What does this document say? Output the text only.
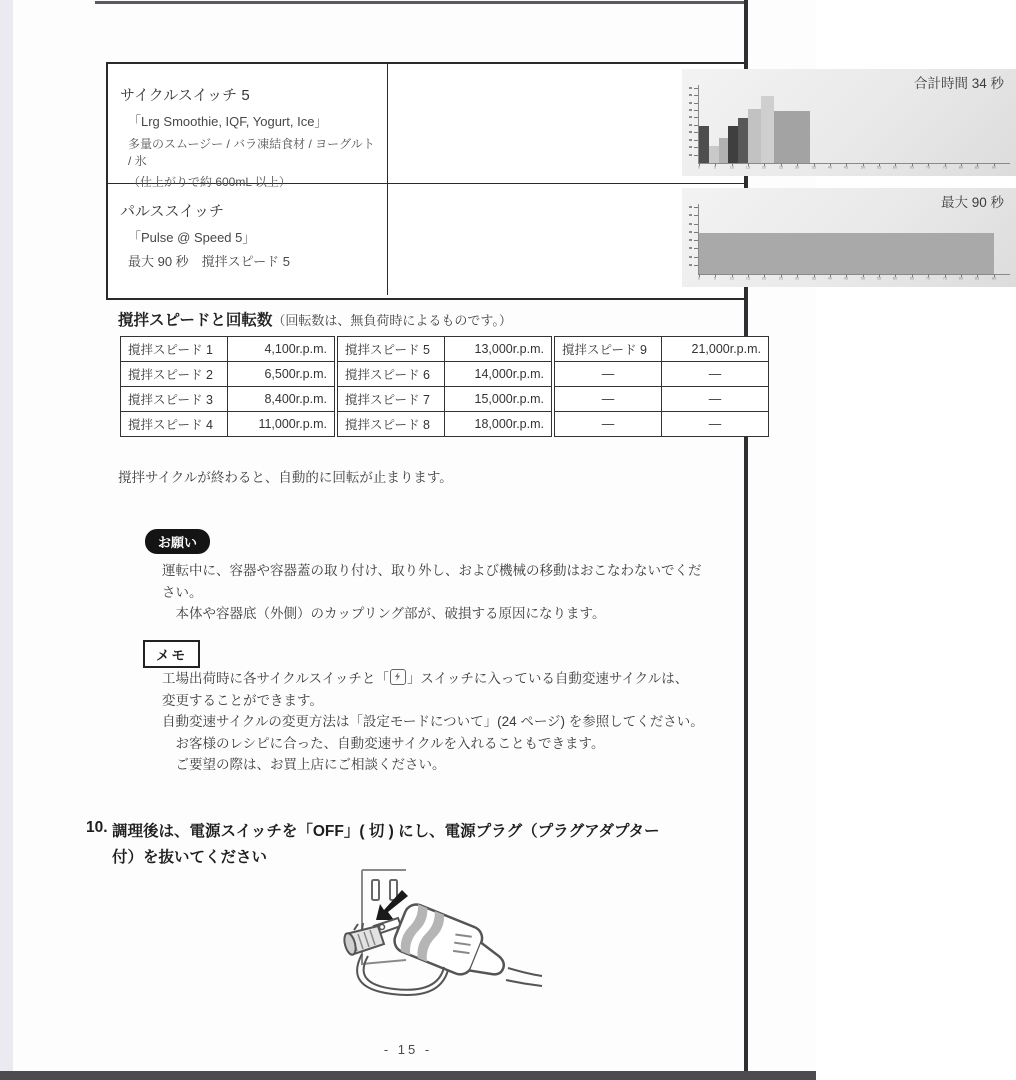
サイクルスイッチ 5
「Lrg Smoothie, IQF, Yogurt, Ice」
多量のスムージー / バラ凍結食材 / ヨーグルト / 氷
（仕上がりで約 600mL 以上）
合計時間 34 秒
0 5 10 15 20 25 30 35 40 45 50 55 60 65 70 75 80 85 90
パルススイッチ
「Pulse @ Speed 5」
最大 90 秒　撹拌スピード 5
最大 90 秒
0 5 10 15 20 25 30 35 40 45 50 55 60 65 70 75 80 85 90
撹拌スピードと回転数（回転数は、無負荷時によるものです。）
撹拌スピード 1	4,100r.p.m.	撹拌スピード 5	13,000r.p.m.	撹拌スピード 9	21,000r.p.m.
撹拌スピード 2	6,500r.p.m.	撹拌スピード 6	14,000r.p.m.	—	—
撹拌スピード 3	8,400r.p.m.	撹拌スピード 7	15,000r.p.m.	—	—
撹拌スピード 4	11,000r.p.m.	撹拌スピード 8	18,000r.p.m.	—	—
撹拌サイクルが終わると、自動的に回転が止まります。
お願い
運転中に、容器や容器蓋の取り付け、取り外し、および機械の移動はおこなわないでくだ
さい。
　本体や容器底（外側）のカップリング部が、破損する原因になります。
メモ
工場出荷時に各サイクルスイッチと「 」スイッチに入っている自動変速サイクルは、
変更することができます。
自動変速サイクルの変更方法は「設定モードについて」(24 ページ) を参照してください。
　お客様のレシピに合った、自動変速サイクルを入れることもできます。
　ご要望の際は、お買上店にご相談ください。
10. 調理後は、電源スイッチを「OFF」( 切 ) にし、電源プラグ（プラグアダプター
付）を抜いてください
- 15 -
